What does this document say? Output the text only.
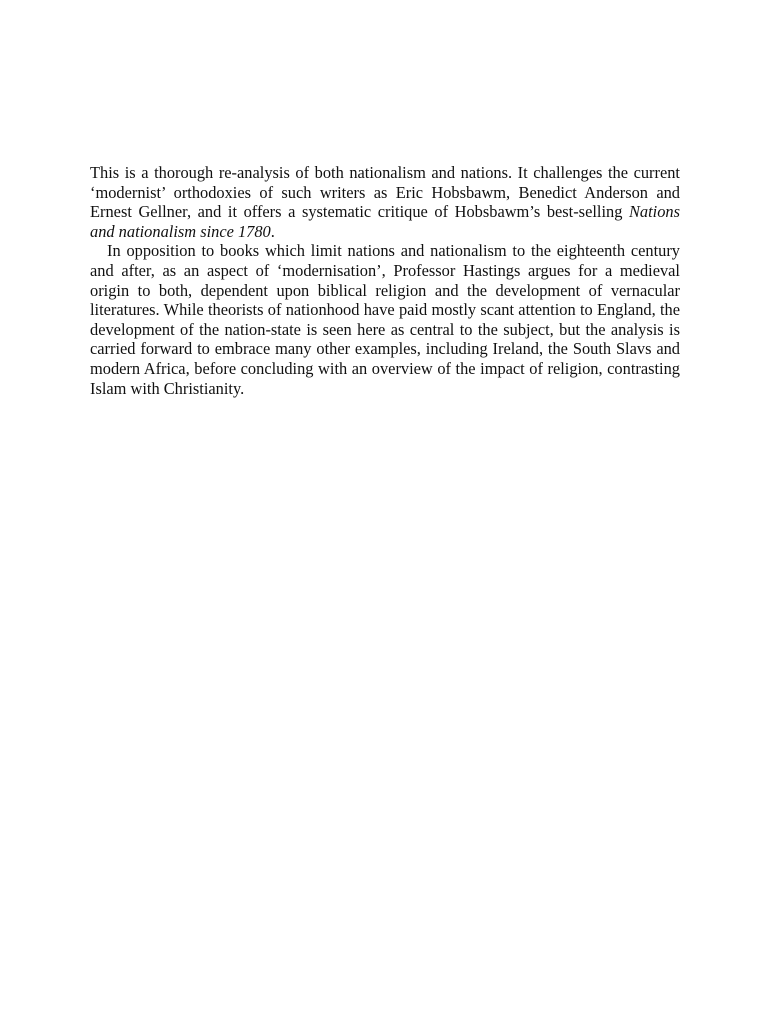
This is a thorough re-analysis of both nationalism and nations. It challenges the current ‘modernist’ orthodoxies of such writers as Eric Hobsbawm, Benedict Anderson and Ernest Gellner, and it offers a systematic critique of Hobsbawm’s best-selling Nations and nationalism since 1780.

In opposition to books which limit nations and nationalism to the eighteenth century and after, as an aspect of ‘modernisation’, Professor Hastings argues for a medieval origin to both, dependent upon biblical religion and the development of vernacular literatures. While theorists of nationhood have paid mostly scant attention to England, the development of the nation-state is seen here as central to the subject, but the analysis is carried forward to embrace many other examples, including Ireland, the South Slavs and modern Africa, before concluding with an overview of the impact of religion, contrasting Islam with Christianity.
